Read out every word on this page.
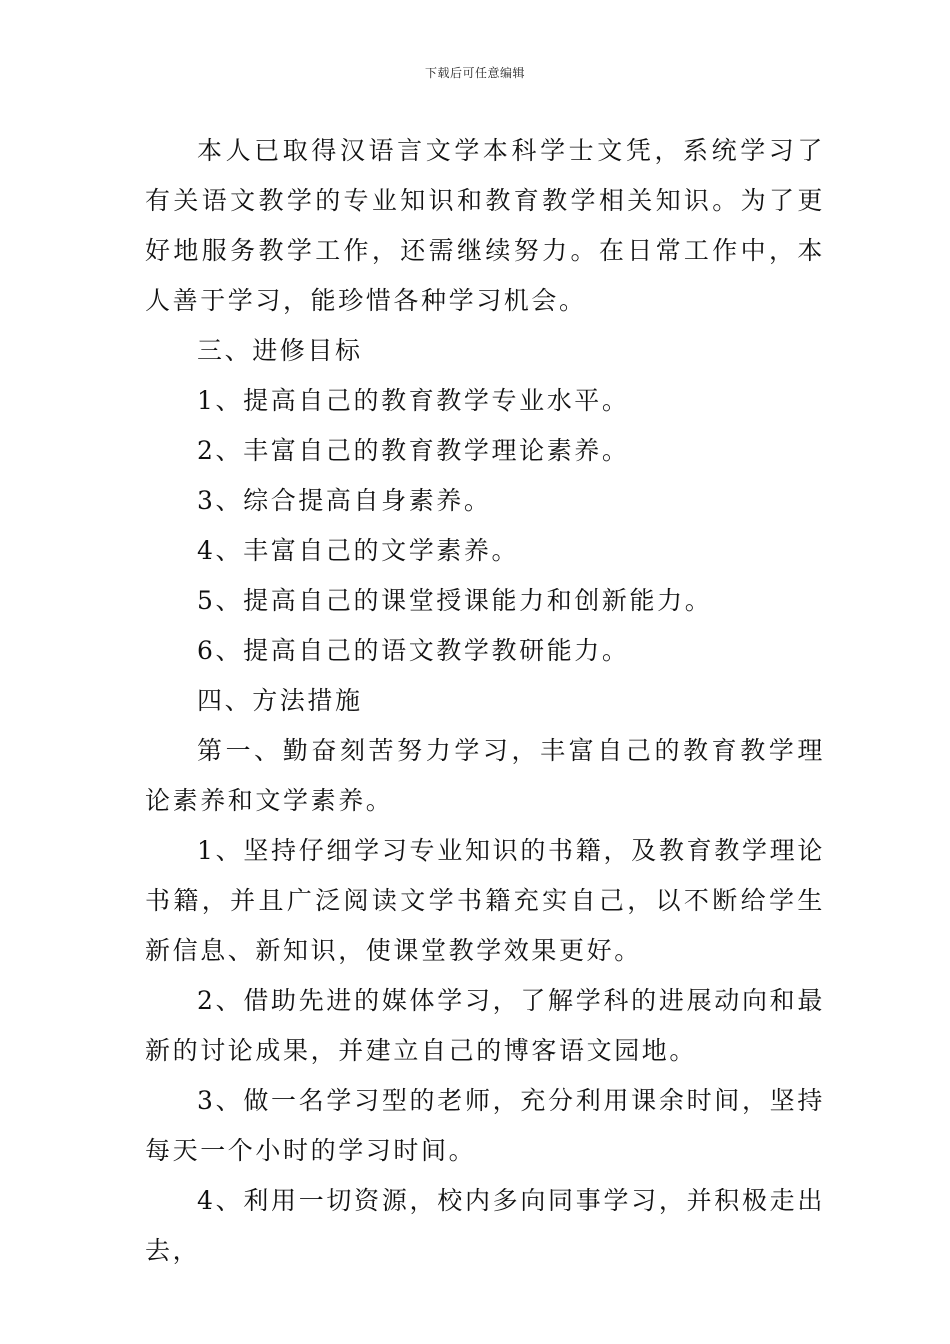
下载后可任意编辑

本人已取得汉语言文学本科学士文凭，系统学习了有关语文教学的专业知识和教育教学相关知识。为了更好地服务教学工作，还需继续努力。在日常工作中，本人善于学习，能珍惜各种学习机会。

三、进修目标

1、提高自己的教育教学专业水平。

2、丰富自己的教育教学理论素养。

3、综合提高自身素养。

4、丰富自己的文学素养。

5、提高自己的课堂授课能力和创新能力。

6、提高自己的语文教学教研能力。

四、方法措施

第一、勤奋刻苦努力学习，丰富自己的教育教学理论素养和文学素养。

1、坚持仔细学习专业知识的书籍，及教育教学理论书籍，并且广泛阅读文学书籍充实自己，以不断给学生新信息、新知识，使课堂教学效果更好。

2、借助先进的媒体学习，了解学科的进展动向和最新的讨论成果，并建立自己的博客语文园地。

3、做一名学习型的老师，充分利用课余时间，坚持每天一个小时的学习时间。

4、利用一切资源，校内多向同事学习，并积极走出去，
